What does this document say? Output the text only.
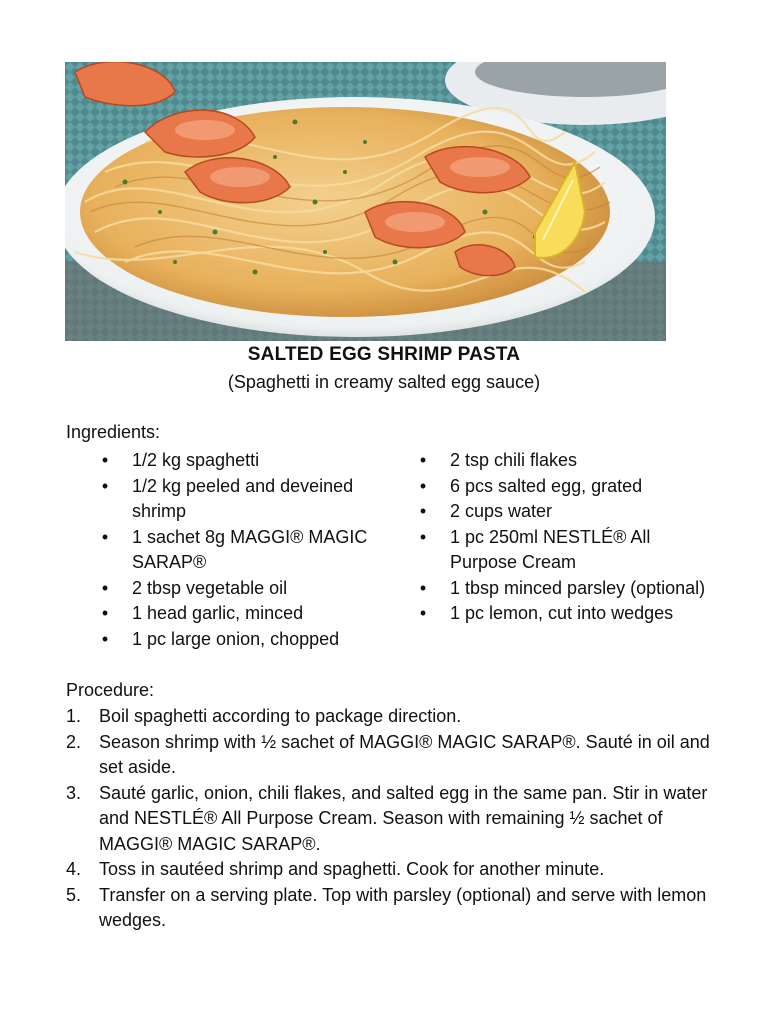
SALTED EGG SHRIMP PASTA
(Spaghetti in creamy salted egg sauce)
Ingredients:
• 1/2 kg spaghetti
• 1/2 kg peeled and deveined shrimp
• 1 sachet 8g MAGGI® MAGIC SARAP®
• 2 tbsp vegetable oil
• 1 head garlic, minced
• 1 pc large onion, chopped
• 2 tsp chili flakes
• 6 pcs salted egg, grated
• 2 cups water
• 1 pc 250ml NESTLÉ® All Purpose Cream
• 1 tbsp minced parsley (optional)
• 1 pc lemon, cut into wedges
Procedure:
1. Boil spaghetti according to package direction.
2. Season shrimp with ½ sachet of MAGGI® MAGIC SARAP®. Sauté in oil and set aside.
3. Sauté garlic, onion, chili flakes, and salted egg in the same pan. Stir in water and NESTLÉ® All Purpose Cream. Season with remaining ½ sachet of MAGGI® MAGIC SARAP®.
4. Toss in sautéed shrimp and spaghetti. Cook for another minute.
5. Transfer on a serving plate. Top with parsley (optional) and serve with lemon wedges.
